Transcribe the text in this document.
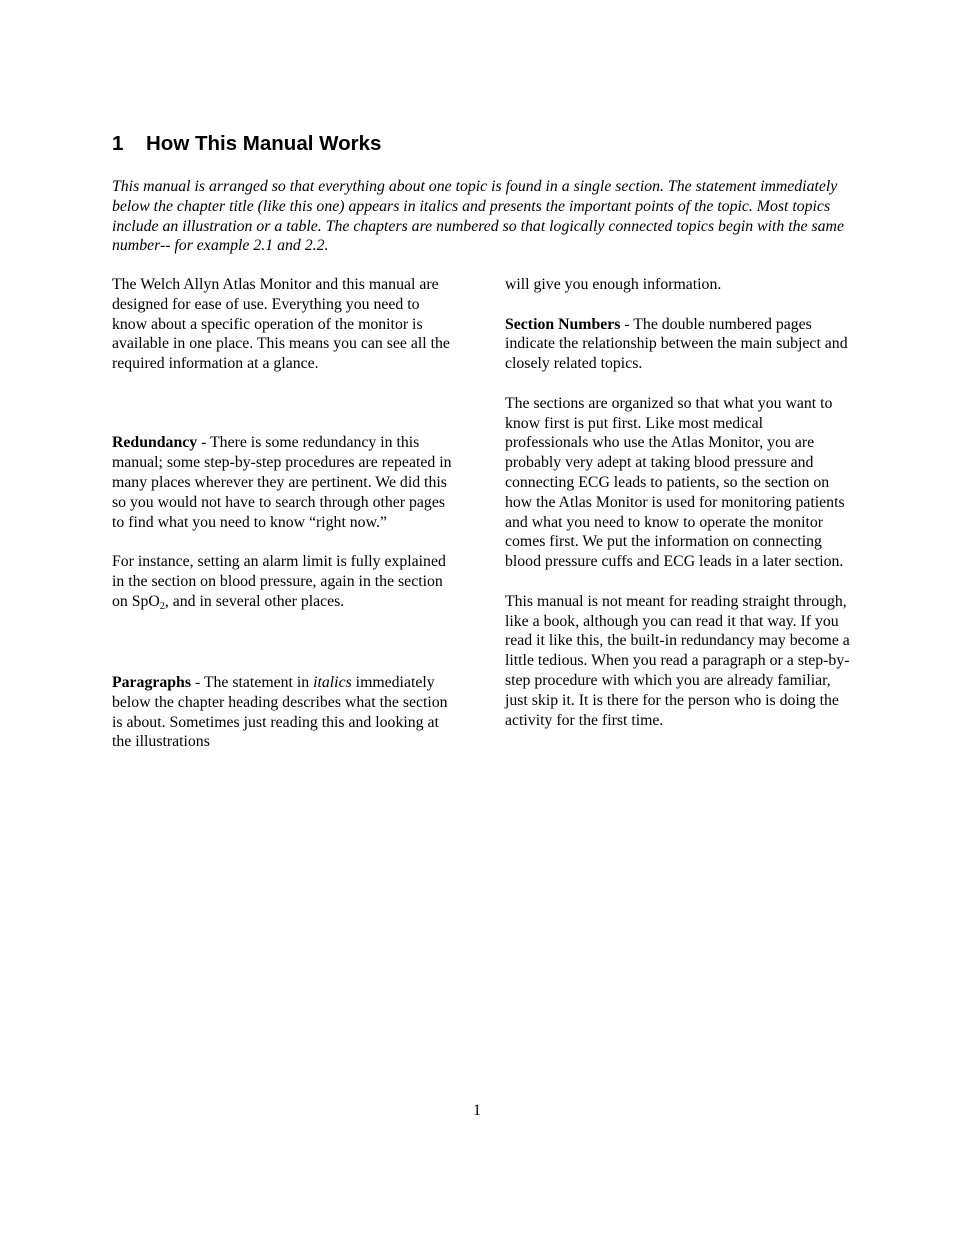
1 How This Manual Works

This manual is arranged so that everything about one topic is found in a single section. The statement immediately below the chapter title (like this one) appears in italics and presents the important points of the topic. Most topics include an illustration or a table. The chapters are numbered so that logically connected topics begin with the same number-- for example 2.1 and 2.2.

The Welch Allyn Atlas Monitor and this manual are designed for ease of use. Everything you need to know about a specific operation of the monitor is available in one place. This means you can see all the required information at a glance.

Redundancy - There is some redundancy in this manual; some step-by-step procedures are repeated in many places wherever they are pertinent. We did this so you would not have to search through other pages to find what you need to know “right now.”

For instance, setting an alarm limit is fully explained in the section on blood pressure, again in the section on SpO2, and in several other places.

Paragraphs - The statement in italics immediately below the chapter heading describes what the section is about. Sometimes just reading this and looking at the illustrations

will give you enough information.

Section Numbers - The double numbered pages indicate the relationship between the main subject and closely related topics.

The sections are organized so that what you want to know first is put first. Like most medical professionals who use the Atlas Monitor, you are probably very adept at taking blood pressure and connecting ECG leads to patients, so the section on how the Atlas Monitor is used for monitoring patients and what you need to know to operate the monitor comes first. We put the information on connecting blood pressure cuffs and ECG leads in a later section.

This manual is not meant for reading straight through, like a book, although you can read it that way. If you read it like this, the built-in redundancy may become a little tedious. When you read a paragraph or a step-by-step procedure with which you are already familiar, just skip it. It is there for the person who is doing the activity for the first time.

1
